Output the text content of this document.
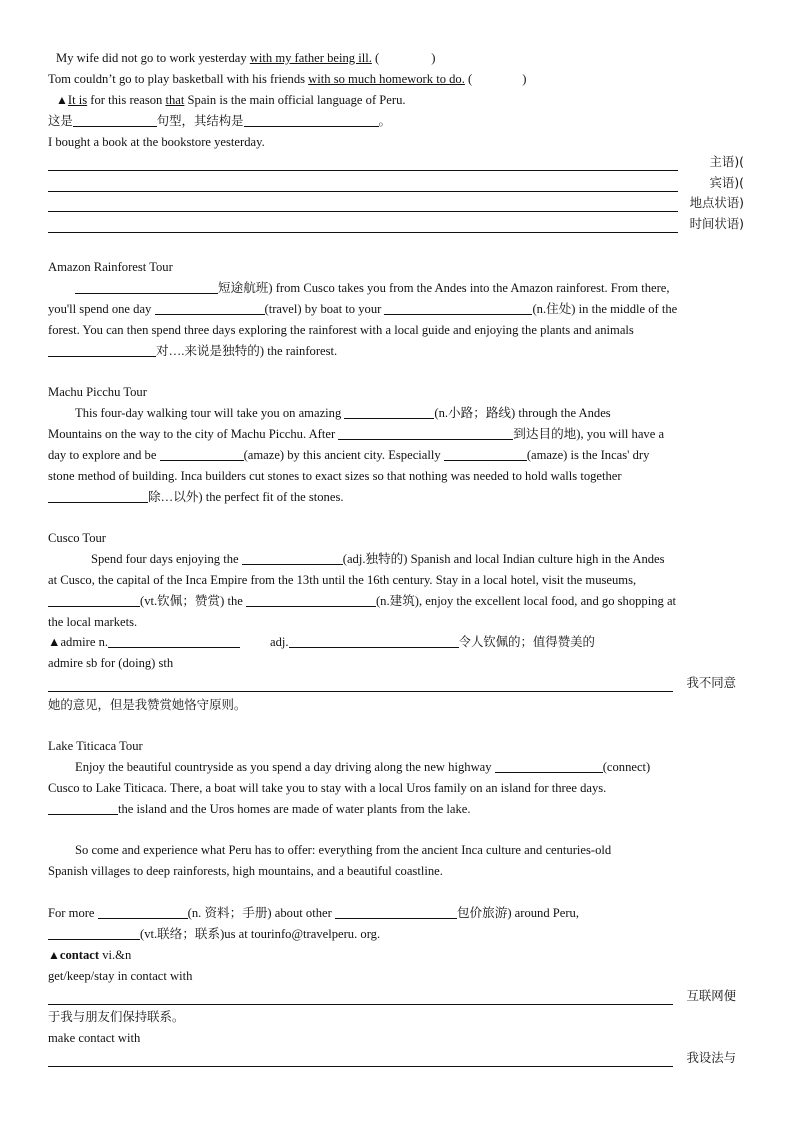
My wife did not go to work yesterday with my father being ill. (	)
Tom couldn’t go to play basketball with his friends with so much homework to do. (	)
▲It is for this reason that Spain is the main official language of Peru.
这是	句型，其结构是	。
I bought a book at the bookstore yesterday.
主语)(
宾语)(
地点状语)
时间状语)
Amazon Rainforest Tour
短途航班) from Cusco takes you from the Andes into the Amazon rainforest. From there,
you'll spend one day	(travel) by boat to your	(n.住处) in the middle of the
forest. You can then spend three days exploring the rainforest with a local guide and enjoying the plants and animals
对….来说是独特的) the rainforest.
Machu Picchu Tour
This four-day walking tour will take you on amazing	(n.小路；路线) through the Andes
Mountains on the way to the city of Machu Picchu. After	到达目的地), you will have a
day to explore and be	(amaze) by this ancient city. Especially	(amaze) is the Incas' dry
stone method of building. Inca builders cut stones to exact sizes so that nothing was needed to hold walls together
除…以外) the perfect fit of the stones.
Cusco Tour
Spend four days enjoying the	(adj.独特的) Spanish and local Indian culture high in the Andes
at Cusco, the capital of the Inca Empire from the 13th until the 16th century. Stay in a local hotel, visit the museums,
(vt.钦佩；赞赏) the	(n.建筑), enjoy the excellent local food, and go shopping at
the local markets.
▲admire n.	adj.	令人钦佩的；值得赞美的
admire sb for (doing) sth
我不同意
她的意见，但是我赞赏她恪守原则。
Lake Titicaca Tour
Enjoy the beautiful countryside as you spend a day driving along the new highway	(connect)
Cusco to Lake Titicaca. There, a boat will take you to stay with a local Uros family on an island for three days.
the island and the Uros homes are made of water plants from the lake.
So come and experience what Peru has to offer: everything from the ancient Inca culture and centuries-old
Spanish villages to deep rainforests, high mountains, and a beautiful coastline.
For more	(n. 资料；手册) about other	包价旅游) around Peru,
(vt.联络；联系)us at tourinfo@travelperu. org.
▲contact vi.&n
get/keep/stay in contact with
互联网便
于我与朋友们保持联系。
make contact with
我设法与
